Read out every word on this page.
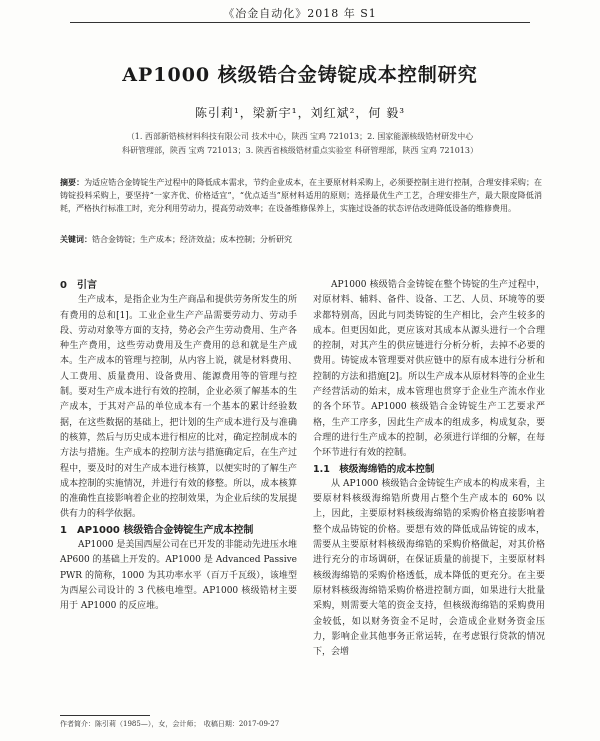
《冶金自动化》2018 年 S1
AP1000 核级锆合金铸锭成本控制研究
陈引莉¹，梁新宇¹，刘红斌²，何 毅³
（1. 西部新锆核材料科技有限公司 技术中心，陕西 宝鸡 721013；2. 国家能源核级锆材研发中心
科研管理部，陕西 宝鸡 721013；3. 陕西省核级锆材重点实验室 科研管理部，陕西 宝鸡 721013）
摘要：为适应锆合金铸锭生产过程中的降低成本需求，节约企业成本，在主要原材料采购上，必须要控制主进行控制，合理安排采购；在铸锭投料采购上，要坚持“一家齐优、价格适宜”，“优点适当”原材料适用的原则；选择最优生产工艺，合理安排生产，最大限度降低消耗，严格执行标准工时，充分利用劳动力，提高劳动效率；在设备维修保养上，实施过设备的状态评估改进降低设备的维修费用。
关键词：锆合金铸锭；生产成本；经济效益；成本控制；分析研究

0　引言

生产成本，是指企业为生产商品和提供劳务所发生的所有费用的总和[1]。工业企业生产产品需要劳动力、劳动手段、劳动对象等方面的支持，势必会产生劳动费用、生产各种生产费用，这些劳动费用及生产费用的总和就是生产成本。生产成本的管理与控制，从内容上说，就是材料费用、人工费用、质量费用、设备费用、能源费用等的管理与控制。要对生产成本进行有效的控制，企业必须了解基本的生产成本，于其对产品的单位成本有一个基本的累计经验数据，在这些数据的基础上，把计划的生产成本进行及与准确的核算，然后与历史成本进行相应的比对，确定控制成本的方法与措施。生产成本的控制方法与措施确定后，在生产过程中，要及时的对生产成本进行核算，以便实时的了解生产成本控制的实施情况，并进行有效的修整。所以，成本核算的准确性直接影响着企业的控制效果，为企业后续的发展提供有力的科学依据。

1　AP1000 核级锆合金铸锭生产成本控制

AP1000 是美国西屋公司在已开发的非能动先进压水堆 AP600 的基础上开发的。AP1000 是 Advanced Passive PWR 的简称，1000 为其功率水平（百万千瓦级），该堆型为西屋公司设计的 3 代核电堆型。AP1000 核级锆材主要用于 AP1000 的反应堆。

AP1000 核级锆合金铸锭在整个铸锭的生产过程中，对原材料、辅料、备件、设备、工艺、人员、环境等的要求都特别高，因此与同类铸锭的生产相比，会产生较多的成本。但更因如此，更应该对其成本从源头进行一个合理的控制，对其产生的供应链进行分析分析，去掉不必要的费用。铸锭成本管理要对供应链中的原有成本进行分析和控制的方法和措施[2]。所以生产成本从原材料等的企业生产经营活动的始末，成本管理也贯穿于企业生产流水作业的各个环节。AP1000 核级锆合金铸锭生产工艺要求严格，生产工序多，因此生产成本的组成多，构成复杂，要合理的进行生产成本的控制，必须进行详细的分解，在每个环节进行有效的控制。

1.1　核级海绵锆的成本控制

从 AP1000 核级锆合金铸锭生产成本的构成来看，主要原材料核级海绵锆所费用占整个生产成本的 60% 以上，因此，主要原材料核级海绵锆的采购价格直接影响着整个成品铸锭的价格。要想有效的降低成品铸锭的成本，需要从主要原材料核级海绵锆的采购价格做起，对其价格进行充分的市场调研，在保证质量的前提下，主要原材料核级海绵锆的采购价格透低，成本降低的更充分。在主要原材料核级海绵锆采购价格进控制方面，如果进行大批量采购，则需要大笔的资金支持，但核级海绵锆的采购费用金较低，如以财务资金不足时，会造成企业财务资金压力，影响企业其他事务正常运转，在考虑银行贷款的情况下，会增

作者简介：陈引莉（1985—），女，会计师；　收稿日期：2017-09-27
